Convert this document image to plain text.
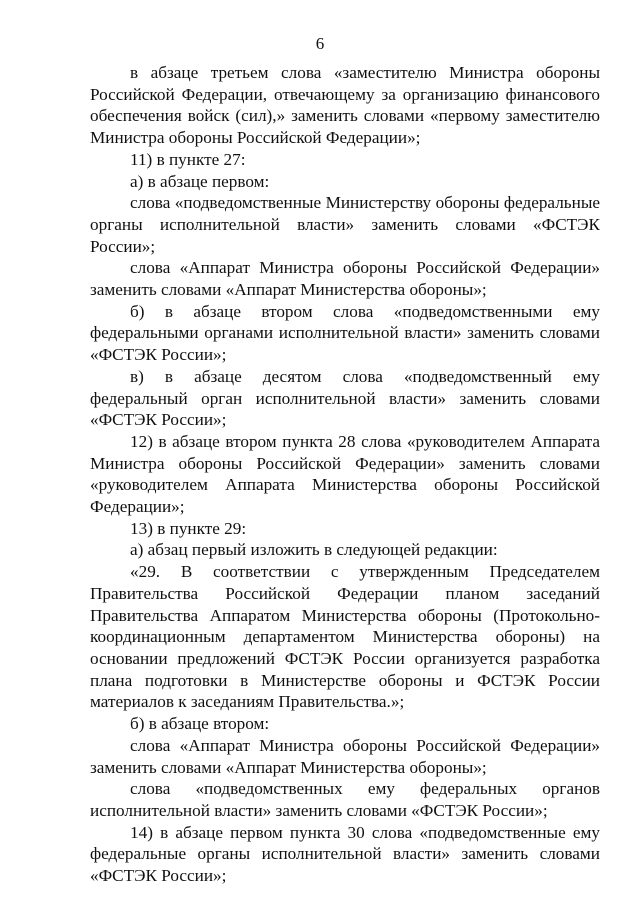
6

в абзаце третьем слова «заместителю Министра обороны Российской Федерации, отвечающему за организацию финансового обеспечения войск (сил),» заменить словами «первому заместителю Министра обороны Российской Федерации»;

11) в пункте 27:

а) в абзаце первом:

слова «подведомственные Министерству обороны федеральные органы исполнительной власти» заменить словами «ФСТЭК России»;

слова «Аппарат Министра обороны Российской Федерации» заменить словами «Аппарат Министерства обороны»;

б) в абзаце втором слова «подведомственными ему федеральными органами исполнительной власти» заменить словами «ФСТЭК России»;

в) в абзаце десятом слова «подведомственный ему федеральный орган исполнительной власти» заменить словами «ФСТЭК России»;

12) в абзаце втором пункта 28 слова «руководителем Аппарата Министра обороны Российской Федерации» заменить словами «руководителем Аппарата Министерства обороны Российской Федерации»;

13) в пункте 29:

а) абзац первый изложить в следующей редакции:

«29. В соответствии с утвержденным Председателем Правительства Российской Федерации планом заседаний Правительства Аппаратом Министерства обороны (Протокольно-координационным департаментом Министерства обороны) на основании предложений ФСТЭК России организуется разработка плана подготовки в Министерстве обороны и ФСТЭК России материалов к заседаниям Правительства.»;

б) в абзаце втором:

слова «Аппарат Министра обороны Российской Федерации» заменить словами «Аппарат Министерства обороны»;

слова «подведомственных ему федеральных органов исполнительной власти» заменить словами «ФСТЭК России»;

14) в абзаце первом пункта 30 слова «подведомственные ему федеральные органы исполнительной власти» заменить словами «ФСТЭК России»;
